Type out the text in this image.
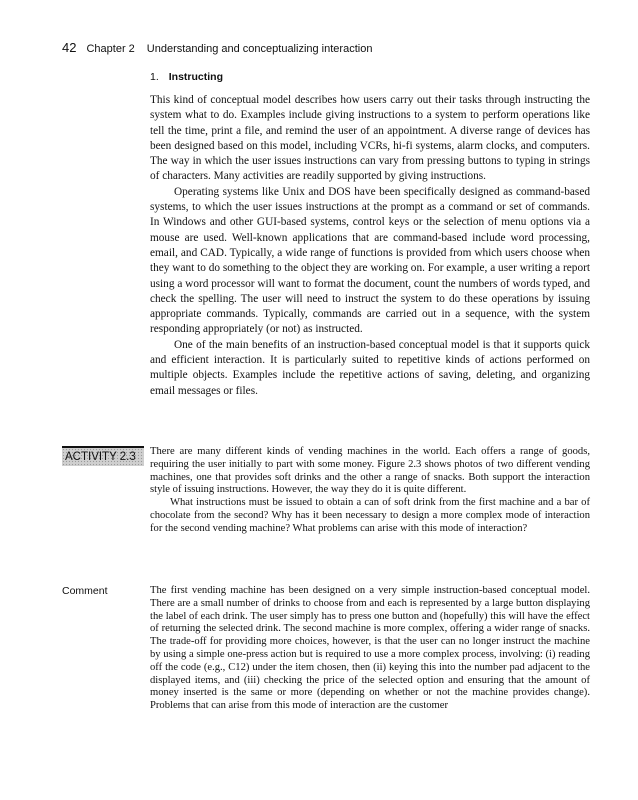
42 Chapter 2 Understanding and conceptualizing interaction
1. Instructing

This kind of conceptual model describes how users carry out their tasks through instructing the system what to do. Examples include giving instructions to a system to perform operations like tell the time, print a file, and remind the user of an appointment. A diverse range of devices has been designed based on this model, including VCRs, hi-fi systems, alarm clocks, and computers. The way in which the user issues instructions can vary from pressing buttons to typing in strings of characters. Many activities are readily supported by giving instructions.

Operating systems like Unix and DOS have been specifically designed as command-based systems, to which the user issues instructions at the prompt as a command or set of commands. In Windows and other GUI-based systems, control keys or the selection of menu options via a mouse are used. Well-known applications that are command-based include word processing, email, and CAD. Typically, a wide range of functions is provided from which users choose when they want to do something to the object they are working on. For example, a user writing a report using a word processor will want to format the document, count the numbers of words typed, and check the spelling. The user will need to instruct the system to do these operations by issuing appropriate commands. Typically, commands are carried out in a sequence, with the system responding appropriately (or not) as instructed.

One of the main benefits of an instruction-based conceptual model is that it supports quick and efficient interaction. It is particularly suited to repetitive kinds of actions performed on multiple objects. Examples include the repetitive actions of saving, deleting, and organizing email messages or files.

ACTIVITY 2.3	There are many different kinds of vending machines in the world. Each offers a range of goods, requiring the user initially to part with some money. Figure 2.3 shows photos of two different vending machines, one that provides soft drinks and the other a range of snacks. Both support the interaction style of issuing instructions. However, the way they do it is quite different.

What instructions must be issued to obtain a can of soft drink from the first machine and a bar of chocolate from the second? Why has it been necessary to design a more complex mode of interaction for the second vending machine? What problems can arise with this mode of interaction?

Comment	The first vending machine has been designed on a very simple instruction-based conceptual model. There are a small number of drinks to choose from and each is represented by a large button displaying the label of each drink. The user simply has to press one button and (hopefully) this will have the effect of returning the selected drink. The second machine is more complex, offering a wider range of snacks. The trade-off for providing more choices, however, is that the user can no longer instruct the machine by using a simple one-press action but is required to use a more complex process, involving: (i) reading off the code (e.g., C12) under the item chosen, then (ii) keying this into the number pad adjacent to the displayed items, and (iii) checking the price of the selected option and ensuring that the amount of money inserted is the same or more (depending on whether or not the machine provides change). Problems that can arise from this mode of interaction are the customer
